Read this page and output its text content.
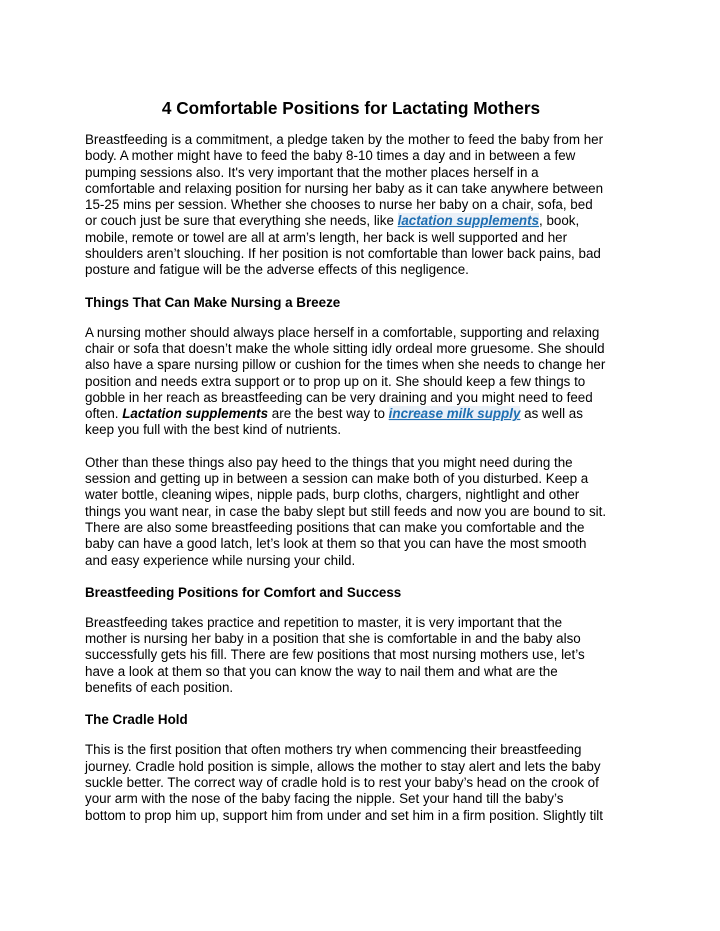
4 Comfortable Positions for Lactating Mothers

Breastfeeding is a commitment, a pledge taken by the mother to feed the baby from her
body. A mother might have to feed the baby 8-10 times a day and in between a few
pumping sessions also. It's very important that the mother places herself in a
comfortable and relaxing position for nursing her baby as it can take anywhere between
15-25 mins per session. Whether she chooses to nurse her baby on a chair, sofa, bed
or couch just be sure that everything she needs, like lactation supplements, book,
mobile, remote or towel are all at arm’s length, her back is well supported and her
shoulders aren’t slouching. If her position is not comfortable than lower back pains, bad
posture and fatigue will be the adverse effects of this negligence.

Things That Can Make Nursing a Breeze

A nursing mother should always place herself in a comfortable, supporting and relaxing
chair or sofa that doesn’t make the whole sitting idly ordeal more gruesome. She should
also have a spare nursing pillow or cushion for the times when she needs to change her
position and needs extra support or to prop up on it. She should keep a few things to
gobble in her reach as breastfeeding can be very draining and you might need to feed
often. Lactation supplements are the best way to increase milk supply as well as
keep you full with the best kind of nutrients.

Other than these things also pay heed to the things that you might need during the
session and getting up in between a session can make both of you disturbed. Keep a
water bottle, cleaning wipes, nipple pads, burp cloths, chargers, nightlight and other
things you want near, in case the baby slept but still feeds and now you are bound to sit.
There are also some breastfeeding positions that can make you comfortable and the
baby can have a good latch, let’s look at them so that you can have the most smooth
and easy experience while nursing your child.

Breastfeeding Positions for Comfort and Success

Breastfeeding takes practice and repetition to master, it is very important that the
mother is nursing her baby in a position that she is comfortable in and the baby also
successfully gets his fill. There are few positions that most nursing mothers use, let’s
have a look at them so that you can know the way to nail them and what are the
benefits of each position.

The Cradle Hold

This is the first position that often mothers try when commencing their breastfeeding
journey. Cradle hold position is simple, allows the mother to stay alert and lets the baby
suckle better. The correct way of cradle hold is to rest your baby’s head on the crook of
your arm with the nose of the baby facing the nipple. Set your hand till the baby’s
bottom to prop him up, support him from under and set him in a firm position. Slightly tilt
